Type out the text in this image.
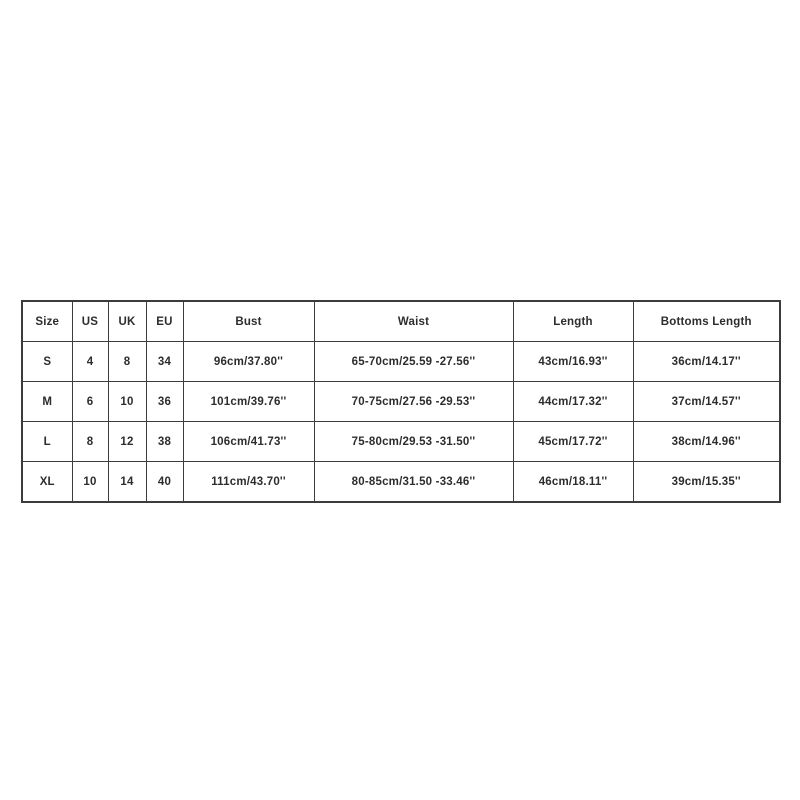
Size	US	UK	EU	Bust	Waist	Length	Bottoms Length
S	4	8	34	96cm/37.80''	65-70cm/25.59 -27.56''	43cm/16.93''	36cm/14.17''
M	6	10	36	101cm/39.76''	70-75cm/27.56 -29.53''	44cm/17.32''	37cm/14.57''
L	8	12	38	106cm/41.73''	75-80cm/29.53 -31.50''	45cm/17.72''	38cm/14.96''
XL	10	14	40	111cm/43.70''	80-85cm/31.50 -33.46''	46cm/18.11''	39cm/15.35''
